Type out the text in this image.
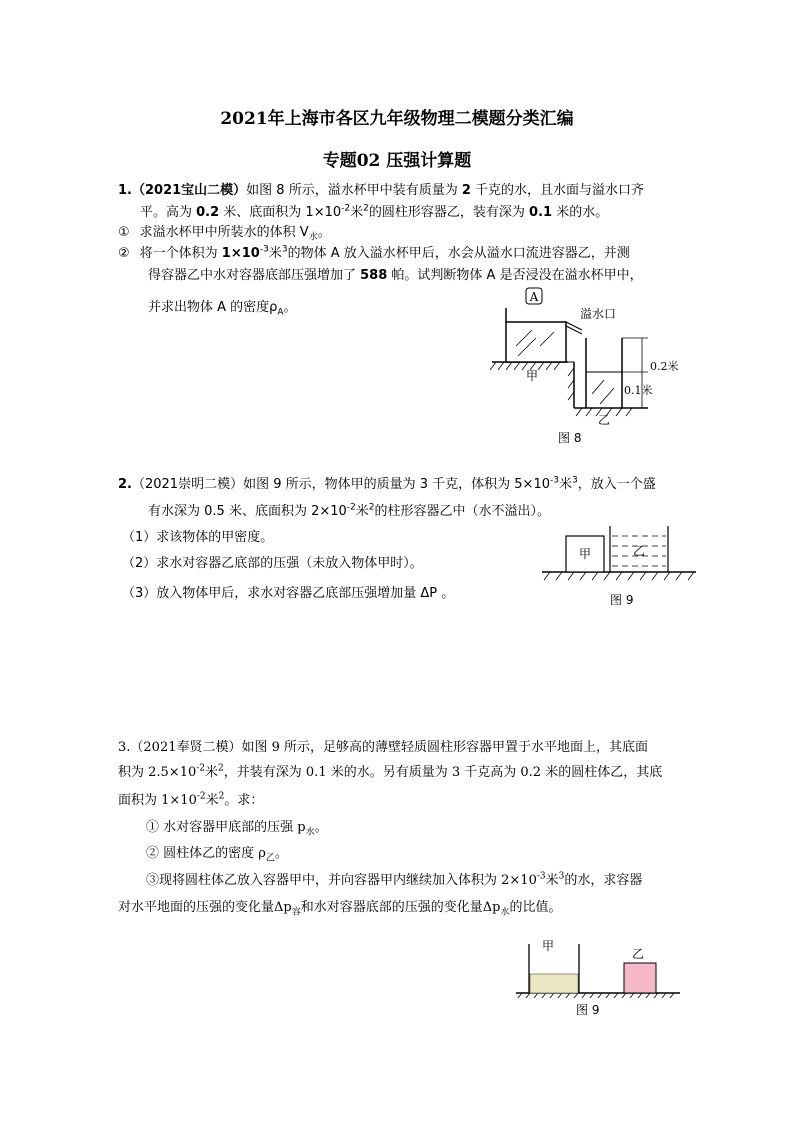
2021年上海市各区九年级物理二模题分类汇编
专题02 压强计算题
1.（2021宝山二模）如图 8 所示，溢水杯甲中装有质量为 2 千克的水，且水面与溢水口齐
平。高为 0.2 米、底面积为 $1\times 10^{-2}$米$^2$的圆柱形容器乙，装有深为 0.1 米的水。
① 求溢水杯甲中所装水的体积 $V_水$。
② 将一个体积为 $1\times 10^{-3}$米$^3$的物体 A 放入溢水杯甲后，水会从溢水口流进容器乙，并测
得容器乙中水对容器底部压强增加了 588 帕。试判断物体 A 是否浸没在溢水杯甲中，
并求出物体 A 的密度$\rho_A$。
A
溢水口
0.2米
0.1米
甲
乙
图 8
2.（2021崇明二模）如图 9 所示，物体甲的质量为 3 千克，体积为 $5\times 10^{-3}$米$^3$，放入一个盛
有水深为 0.5 米、底面积为 $2\times 10^{-2}$米$^2$的柱形容器乙中（水不溢出）。
（1）求该物体的甲密度。
（2）求水对容器乙底部的压强（未放入物体甲时）。
（3）放入物体甲后，求水对容器乙底部压强增加量 ΔP 。
甲	乙
图 9
3.（2021奉贤二模）如图 9 所示，足够高的薄壁轻质圆柱形容器甲置于水平地面上，其底面
积为 $2.5\times 10^{-2}$米$^2$，并装有深为 0.1 米的水。另有质量为 3 千克高为 0.2 米的圆柱体乙，其底
面积为 $1\times 10^{-2}$米$^2$。求：
① 水对容器甲底部的压强 $p_水$。
② 圆柱体乙的密度 $\rho_乙$。
③现将圆柱体乙放入容器甲中，并向容器甲内继续加入体积为 $2\times 10^{-3}$米$^3$的水，求容器
对水平地面的压强的变化量$\Delta p_容$和水对容器底部的压强的变化量$\Delta p_水$的比值。
甲
乙
图 9
